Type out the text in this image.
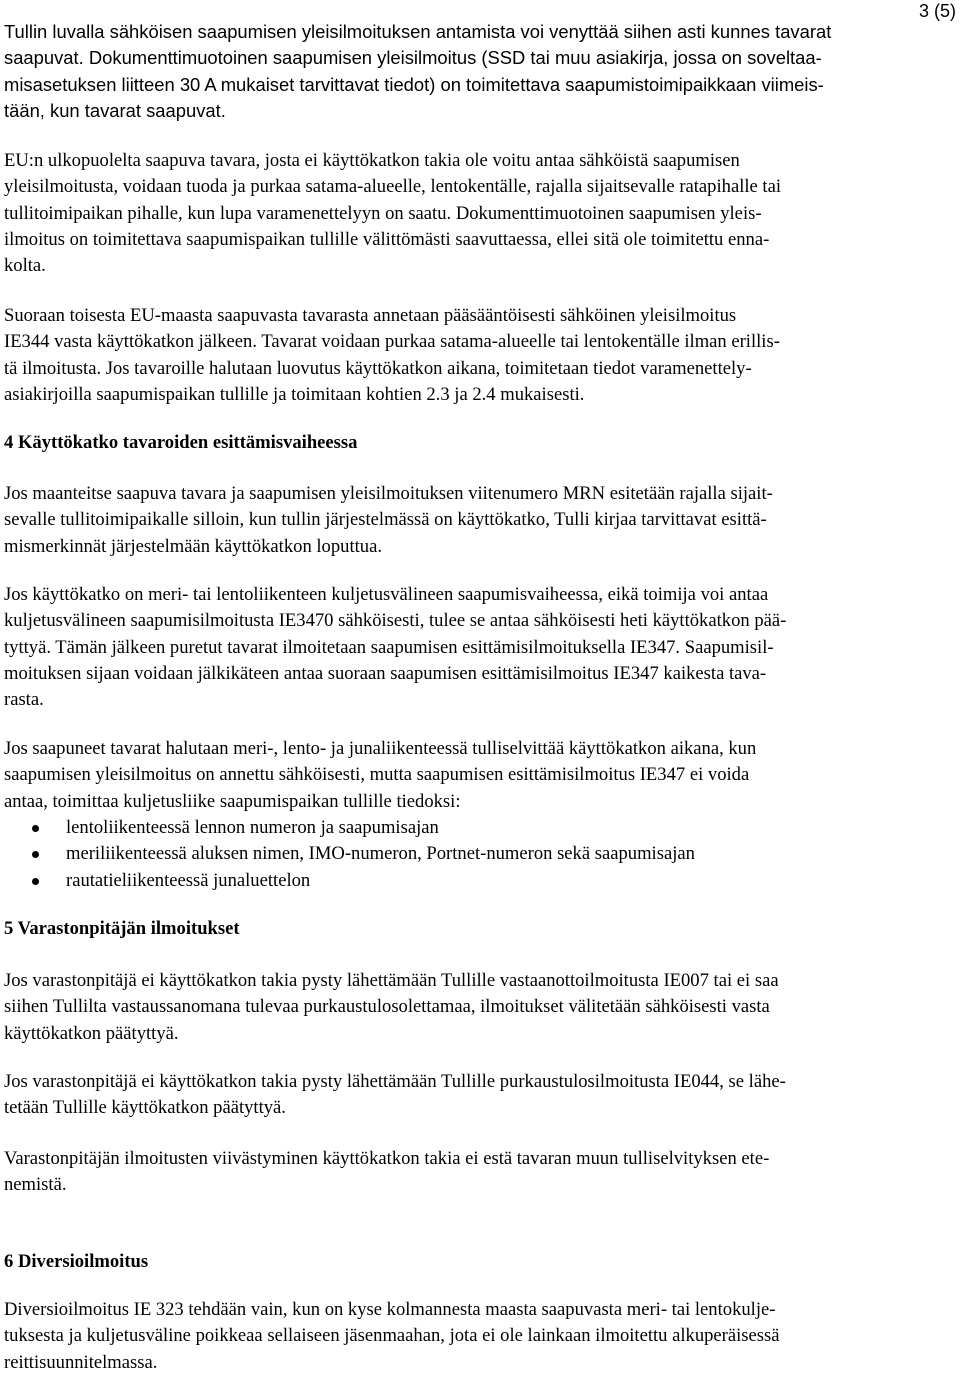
3 (5)
Tullin luvalla sähköisen saapumisen yleisilmoituksen antamista voi venyttää siihen asti kunnes tavarat
saapuvat. Dokumenttimuotoinen saapumisen yleisilmoitus (SSD tai muu asiakirja, jossa on soveltaa-
misasetuksen liitteen 30 A mukaiset tarvittavat tiedot) on toimitettava saapumistoimipaikkaan viimeis-
tään, kun tavarat saapuvat.
EU:n ulkopuolelta saapuva tavara, josta ei käyttökatkon takia ole voitu antaa sähköistä saapumisen
yleisilmoitusta, voidaan tuoda ja purkaa satama-alueelle, lentokentälle, rajalla sijaitsevalle ratapihalle tai
tullitoimipaikan pihalle, kun lupa varamenettelyyn on saatu. Dokumenttimuotoinen saapumisen yleis-
ilmoitus on toimitettava saapumispaikan tullille välittömästi saavuttaessa, ellei sitä ole toimitettu enna-
kolta.
Suoraan toisesta EU-maasta saapuvasta tavarasta annetaan pääsääntöisesti sähköinen yleisilmoitus
IE344 vasta käyttökatkon jälkeen. Tavarat voidaan purkaa satama-alueelle tai lentokentälle ilman erillis-
tä ilmoitusta. Jos tavaroille halutaan luovutus käyttökatkon aikana, toimitetaan tiedot varamenettely-
asiakirjoilla saapumispaikan tullille ja toimitaan kohtien 2.3 ja 2.4 mukaisesti.
4 Käyttökatko tavaroiden esittämisvaiheessa
Jos maanteitse saapuva tavara ja saapumisen yleisilmoituksen viitenumero MRN esitetään rajalla sijait-
sevalle tullitoimipaikalle silloin, kun tullin järjestelmässä on käyttökatko, Tulli kirjaa tarvittavat esittä-
mismerkinnät järjestelmään käyttökatkon loputtua.
Jos käyttökatko on meri- tai lentoliikenteen kuljetusvälineen saapumisvaiheessa, eikä toimija voi antaa
kuljetusvälineen saapumisilmoitusta IE3470 sähköisesti, tulee se antaa sähköisesti heti käyttökatkon pää-
tyttyä. Tämän jälkeen puretut tavarat ilmoitetaan saapumisen esittämisilmoituksella IE347. Saapumisil-
moituksen sijaan voidaan jälkikäteen antaa suoraan saapumisen esittämisilmoitus IE347 kaikesta tava-
rasta.
Jos saapuneet tavarat halutaan meri-, lento- ja junaliikenteessä tulliselvittää käyttökatkon aikana, kun
saapumisen yleisilmoitus on annettu sähköisesti, mutta saapumisen esittämisilmoitus IE347 ei voida
antaa, toimittaa kuljetusliike saapumispaikan tullille tiedoksi:
lentoliikenteessä lennon numeron ja saapumisajan
meriliikenteessä aluksen nimen, IMO-numeron, Portnet-numeron sekä saapumisajan
rautatieliikenteessä junaluettelon
5 Varastonpitäjän ilmoitukset
Jos varastonpitäjä ei käyttökatkon takia pysty lähettämään Tullille vastaanottoilmoitusta IE007 tai ei saa
siihen Tullilta vastaussanomana tulevaa purkaustulosolettamaa, ilmoitukset välitetään sähköisesti vasta
käyttökatkon päätyttyä.
Jos varastonpitäjä ei käyttökatkon takia pysty lähettämään Tullille purkaustulosilmoitusta IE044, se lähe-
tetään Tullille käyttökatkon päätyttyä.
Varastonpitäjän ilmoitusten viivästyminen käyttökatkon takia ei estä tavaran muun tulliselvityksen ete-
nemistä.
6 Diversioilmoitus
Diversioilmoitus IE 323 tehdään vain, kun on kyse kolmannesta maasta saapuvasta meri- tai lentokulje-
tuksesta ja kuljetusväline poikkeaa sellaiseen jäsenmaahan, jota ei ole lainkaan ilmoitettu alkuperäisessä
reittisuunnitelmassa.
